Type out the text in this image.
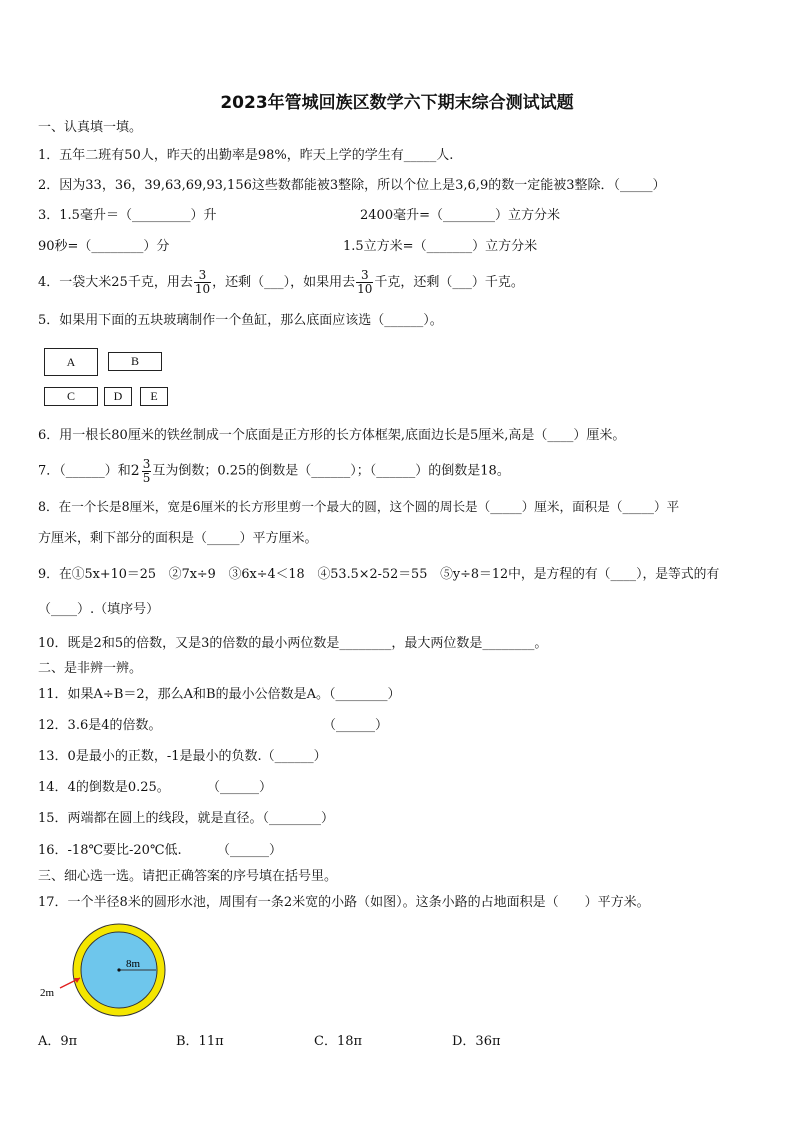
2023年管城回族区数学六下期末综合测试试题
一、认真填一填。
1．五年二班有50人，昨天的出勤率是98%，昨天上学的学生有_____人.
2．因为33，36，39,63,69,93,156这些数都能被3整除，所以个位上是3,6,9的数一定能被3整除．（_____）
3．1.5毫升＝（_________）升	2400毫升=（________）立方分米
90秒=（________）分	1.5立方米=（_______）立方分米
4．一袋大米25千克，用去 $\frac{3}{10}$ ，还剩（___），如果用去 $\frac{3}{10}$ 千克，还剩（___）千克。
5．如果用下面的五块玻璃制作一个鱼缸，那么底面应该选（______）。
A	B
C	D	E
6．用一根长80厘米的铁丝制成一个底面是正方形的长方体框架,底面边长是5厘米,高是（____）厘米。
7．（______）和 $2 \frac{3}{5}$ 互为倒数；0.25的倒数是（______）；（______）的倒数是18。
8．在一个长是8厘米，宽是6厘米的长方形里剪一个最大的圆，这个圆的周长是（_____）厘米，面积是（_____）平
方厘米，剩下部分的面积是（_____）平方厘米。
9．在①5x+10＝25　②7x÷9　③6x÷4＜18　④53.5×2-52＝55　⑤y÷8＝12中，是方程的有（____），是等式的有
（____）.（填序号）
10．既是2和5的倍数，又是3的倍数的最小两位数是________，最大两位数是________。
二、是非辨一辨。
11．如果A÷B＝2，那么A和B的最小公倍数是A。（________）
12．3.6是4的倍数。	（______）
13．0是最小的正数，-1是最小的负数.（______）
14．4的倒数是0.25。	（______）
15．两端都在圆上的线段，就是直径。（________）
16．-18℃要比-20℃低.	（______）
三、细心选一选。请把正确答案的序号填在括号里。
17．一个半径8米的圆形水池，周围有一条2米宽的小路（如图）。这条小路的占地面积是（　　）平方米。
8m
2m
A．9π	B．11π	C．18π	D．36π
